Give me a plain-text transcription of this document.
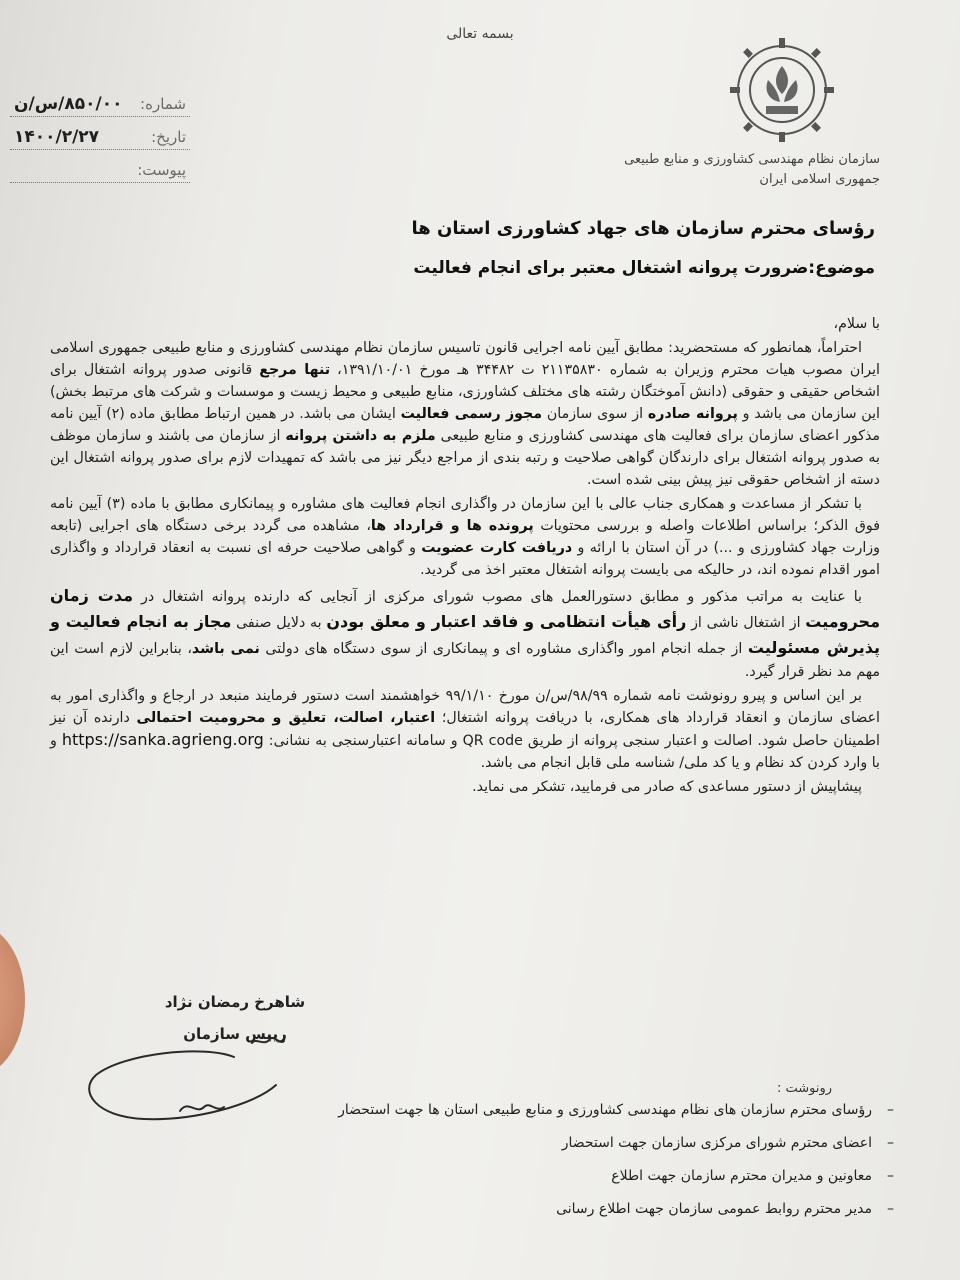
بسمه تعالی
سازمان نظام مهندسی کشاورزی و منابع طبیعی
جمهوری اسلامی ایران
شماره:
۸۵۰/۰۰/س/ن
تاریخ:
۱۴۰۰/۲/۲۷
پیوست:
رؤسای محترم سازمان های جهاد کشاورزی استان ها
موضوع:ضرورت پروانه اشتغال معتبر برای انجام فعالیت

با سلام،

احتراماً، همانطور که مستحضرید: مطابق آیین نامه اجرایی قانون تاسیس سازمان نظام مهندسی کشاورزی و منابع طبیعی جمهوری اسلامی ایران مصوب هیات محترم وزیران به شماره ۲۱۱۳۵۸۳۰ ت ۳۴۴۸۲ هـ مورخ ۱۳۹۱/۱۰/۰۱، تنها مرجع قانونی صدور پروانه اشتغال برای اشخاص حقیقی و حقوقی (دانش آموختگان رشته های مختلف کشاورزی، منابع طبیعی و محیط زیست و موسسات و شرکت های مرتبط بخش) این سازمان می باشد و پروانه صادره از سوی سازمان مجوز رسمی فعالیت ایشان می باشد. در همین ارتباط مطابق ماده (۲) آیین نامه مذکور اعضای سازمان برای فعالیت های مهندسی کشاورزی و منابع طبیعی ملزم به داشتن پروانه از سازمان می باشند و سازمان موظف به صدور پروانه اشتغال برای دارندگان گواهی صلاحیت و رتبه بندی از مراجع دیگر نیز می باشد که تمهیدات لازم برای صدور پروانه اشتغال این دسته از اشخاص حقوقی نیز پیش بینی شده است.

با تشکر از مساعدت و همکاری جناب عالی با این سازمان در واگذاری انجام فعالیت های مشاوره و پیمانکاری مطابق با ماده (۳) آیین نامه فوق الذکر؛ براساس اطلاعات واصله و بررسی محتویات پرونده ها و قرارداد ها، مشاهده می گردد برخی دستگاه های اجرایی (تابعه وزارت جهاد کشاورزی و ...) در آن استان با ارائه و دریافت کارت عضویت و گواهی صلاحیت حرفه ای نسبت به انعقاد قرارداد و واگذاری امور اقدام نموده اند، در حالیکه می بایست پروانه اشتغال معتبر اخذ می گردید.

با عنایت به مراتب مذکور و مطابق دستورالعمل های مصوب شورای مرکزی از آنجایی که دارنده پروانه اشتغال در مدت زمان محرومیت از اشتغال ناشی از رأی هیأت انتظامی و فاقد اعتبار و معلق بودن به دلایل صنفی مجاز به انجام فعالیت و پذیرش مسئولیت از جمله انجام امور واگذاری مشاوره ای و پیمانکاری از سوی دستگاه های دولتی نمی باشد، بنابراین لازم است این مهم مد نظر قرار گیرد.

بر این اساس و پیرو رونوشت نامه شماره ۹۸/۹۹/س/ن مورخ ۹۹/۱/۱۰ خواهشمند است دستور فرمایند منبعد در ارجاع و واگذاری امور به اعضای سازمان و انعقاد قرارداد های همکاری، با دریافت پروانه اشتغال؛ اعتبار، اصالت، تعلیق و محرومیت احتمالی دارنده آن نیز اطمینان حاصل شود. اصالت و اعتبار سنجی پروانه از طریق QR code و سامانه اعتبارسنجی به نشانی: https://sanka.agrieng.org و با وارد کردن کد نظام و یا کد ملی/ شناسه ملی قابل انجام می باشد.

پیشاپیش از دستور مساعدی که صادر می فرمایید، تشکر می نماید.

شاهرخ رمضان نژاد
رییس سازمان
رونوشت :
–
رؤسای محترم سازمان های نظام مهندسی کشاورزی و منابع طبیعی استان ها جهت استحضار
–
اعضای محترم شورای مرکزی سازمان جهت استحضار
–
معاونین و مدیران محترم سازمان جهت اطلاع
–
مدیر محترم روابط عمومی سازمان جهت اطلاع رسانی
